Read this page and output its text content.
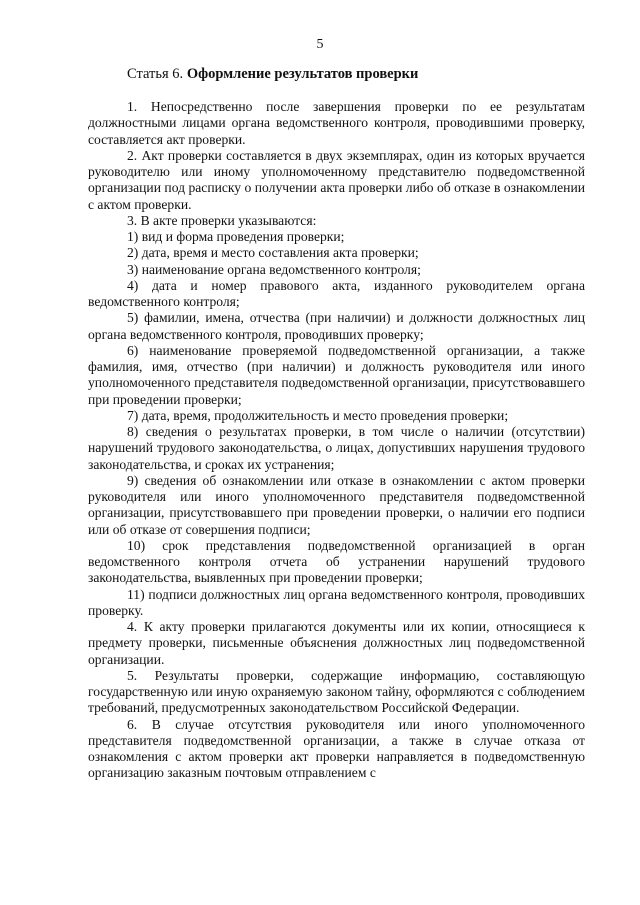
5
Статья 6. Оформление результатов проверки

1. Непосредственно после завершения проверки по ее результатам должностными лицами органа ведомственного контроля, проводившими проверку, составляется акт проверки.

2. Акт проверки составляется в двух экземплярах, один из которых вручается руководителю или иному уполномоченному представителю подведомственной организации под расписку о получении акта проверки либо об отказе в ознакомлении с актом проверки.

3. В акте проверки указываются:

1) вид и форма проведения проверки;

2) дата, время и место составления акта проверки;

3) наименование органа ведомственного контроля;

4) дата и номер правового акта, изданного руководителем органа ведомственного контроля;

5) фамилии, имена, отчества (при наличии) и должности должностных лиц органа ведомственного контроля, проводивших проверку;

6) наименование проверяемой подведомственной организации, а также фамилия, имя, отчество (при наличии) и должность руководителя или иного уполномоченного представителя подведомственной организации, присутствовавшего при проведении проверки;

7) дата, время, продолжительность и место проведения проверки;

8) сведения о результатах проверки, в том числе о наличии (отсутствии) нарушений трудового законодательства, о лицах, допустивших нарушения трудового законодательства, и сроках их устранения;

9) сведения об ознакомлении или отказе в ознакомлении с актом проверки руководителя или иного уполномоченного представителя подведомственной организации, присутствовавшего при проведении проверки, о наличии его подписи или об отказе от совершения подписи;

10) срок представления подведомственной организацией в орган ведомственного контроля отчета об устранении нарушений трудового законодательства, выявленных при проведении проверки;

11) подписи должностных лиц органа ведомственного контроля, проводивших проверку.

4. К акту проверки прилагаются документы или их копии, относящиеся к предмету проверки, письменные объяснения должностных лиц подведомственной организации.

5. Результаты проверки, содержащие информацию, составляющую государственную или иную охраняемую законом тайну, оформляются с соблюдением требований, предусмотренных законодательством Российской Федерации.

6. В случае отсутствия руководителя или иного уполномоченного представителя подведомственной организации, а также в случае отказа от ознакомления с актом проверки акт проверки направляется в подведомственную организацию заказным почтовым отправлением с
